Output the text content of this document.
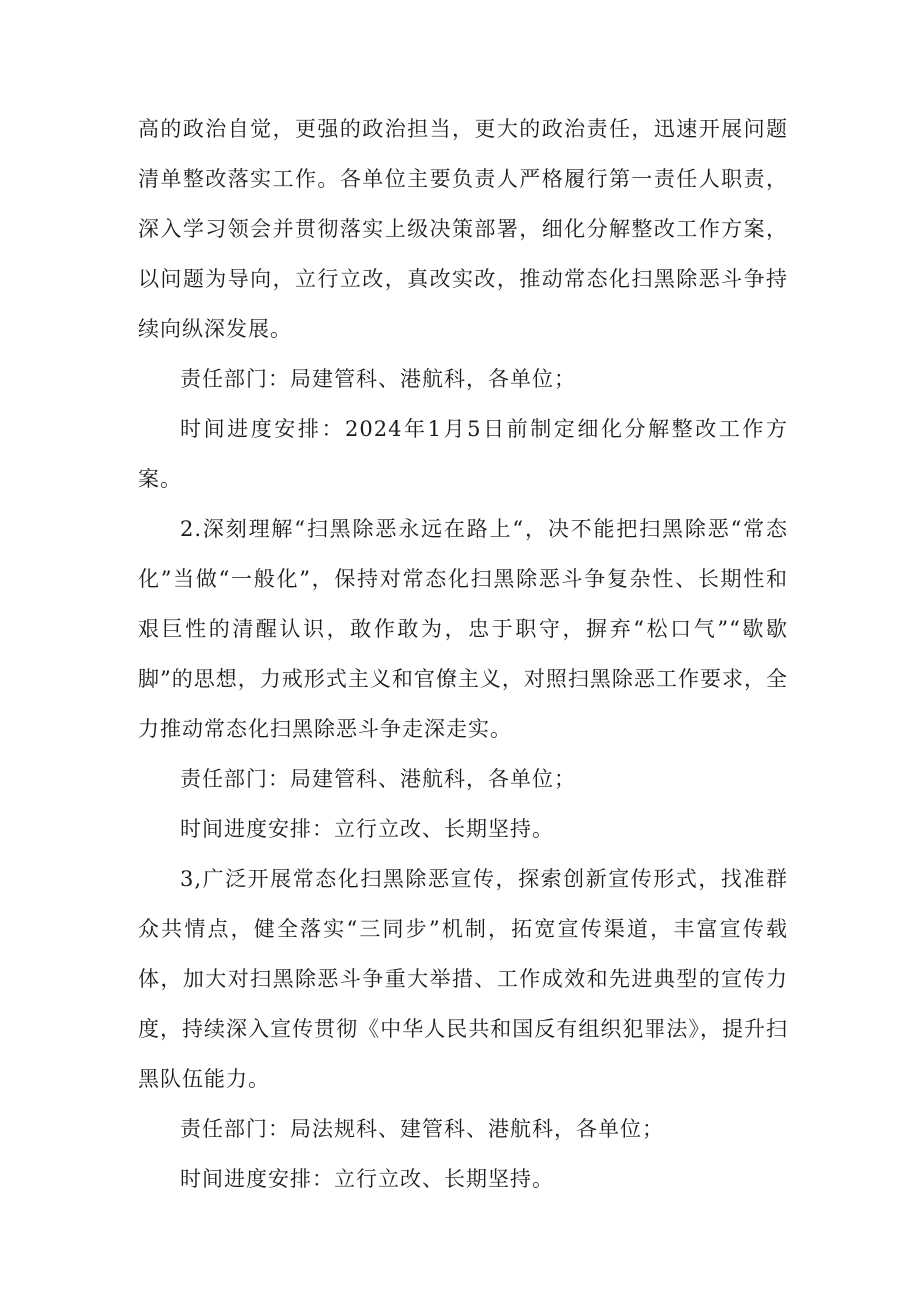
高的政治自觉，更强的政治担当，更大的政治责任，迅速开展问题清单整改落实工作。各单位主要负责人严格履行第一责任人职责，深入学习领会并贯彻落实上级决策部署，细化分解整改工作方案，以问题为导向，立行立改，真改实改，推动常态化扫黑除恶斗争持续向纵深发展。

责任部门：局建管科、港航科，各单位；

时间进度安排：2024年1月5日前制定细化分解整改工作方案。

2.深刻理解“扫黑除恶永远在路上“，决不能把扫黑除恶“常态化”当做“一般化”，保持对常态化扫黑除恶斗争复杂性、长期性和艰巨性的清醒认识，敢作敢为，忠于职守，摒弃“松口气”“歇歇脚”的思想，力戒形式主义和官僚主义，对照扫黑除恶工作要求，全力推动常态化扫黑除恶斗争走深走实。

责任部门：局建管科、港航科，各单位；

时间进度安排：立行立改、长期坚持。

3,广泛开展常态化扫黑除恶宣传，探索创新宣传形式，找准群众共情点，健全落实“三同步”机制，拓宽宣传渠道，丰富宣传载体，加大对扫黑除恶斗争重大举措、工作成效和先进典型的宣传力度，持续深入宣传贯彻《中华人民共和国反有组织犯罪法》，提升扫黑队伍能力。

责任部门：局法规科、建管科、港航科，各单位；

时间进度安排：立行立改、长期坚持。
